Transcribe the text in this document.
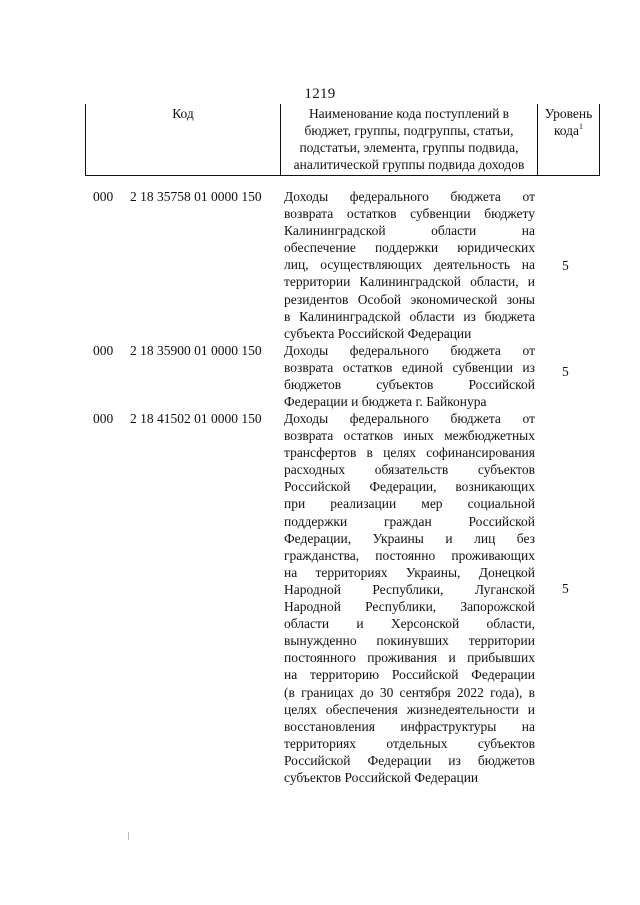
1219
Код	Наименование кода поступлений в
бюджет, группы, подгруппы, статьи,
подстатьи, элемента, группы подвида,
аналитической группы подвида доходов	Уровень
кода$^1$
000 2 18 35758 01 0000 150 Доходы федерального бюджета от
возврата остатков субвенции бюджету
Калининградской области на
обеспечение поддержки юридических
лиц, осуществляющих деятельность на
территории Калининградской области, и
резидентов Особой экономической зоны
в Калининградской области из бюджета
субъекта Российской Федерации
5
000 2 18 35900 01 0000 150 Доходы федерального бюджета от
возврата остатков единой субвенции из
бюджетов субъектов Российской
Федерации и бюджета г. Байконура
5
000 2 18 41502 01 0000 150 Доходы федерального бюджета от
возврата остатков иных межбюджетных
трансфертов в целях софинансирования
расходных обязательств субъектов
Российской Федерации, возникающих
при реализации мер социальной
поддержки граждан Российской
Федерации, Украины и лиц без
гражданства, постоянно проживающих
на территориях Украины, Донецкой
Народной Республики, Луганской
Народной Республики, Запорожской
области и Херсонской области,
вынужденно покинувших территории
постоянного проживания и прибывших
на территорию Российской Федерации
(в границах до 30 сентября 2022 года), в
целях обеспечения жизнедеятельности и
восстановления инфраструктуры на
территориях отдельных субъектов
Российской Федерации из бюджетов
субъектов Российской Федерации
5
